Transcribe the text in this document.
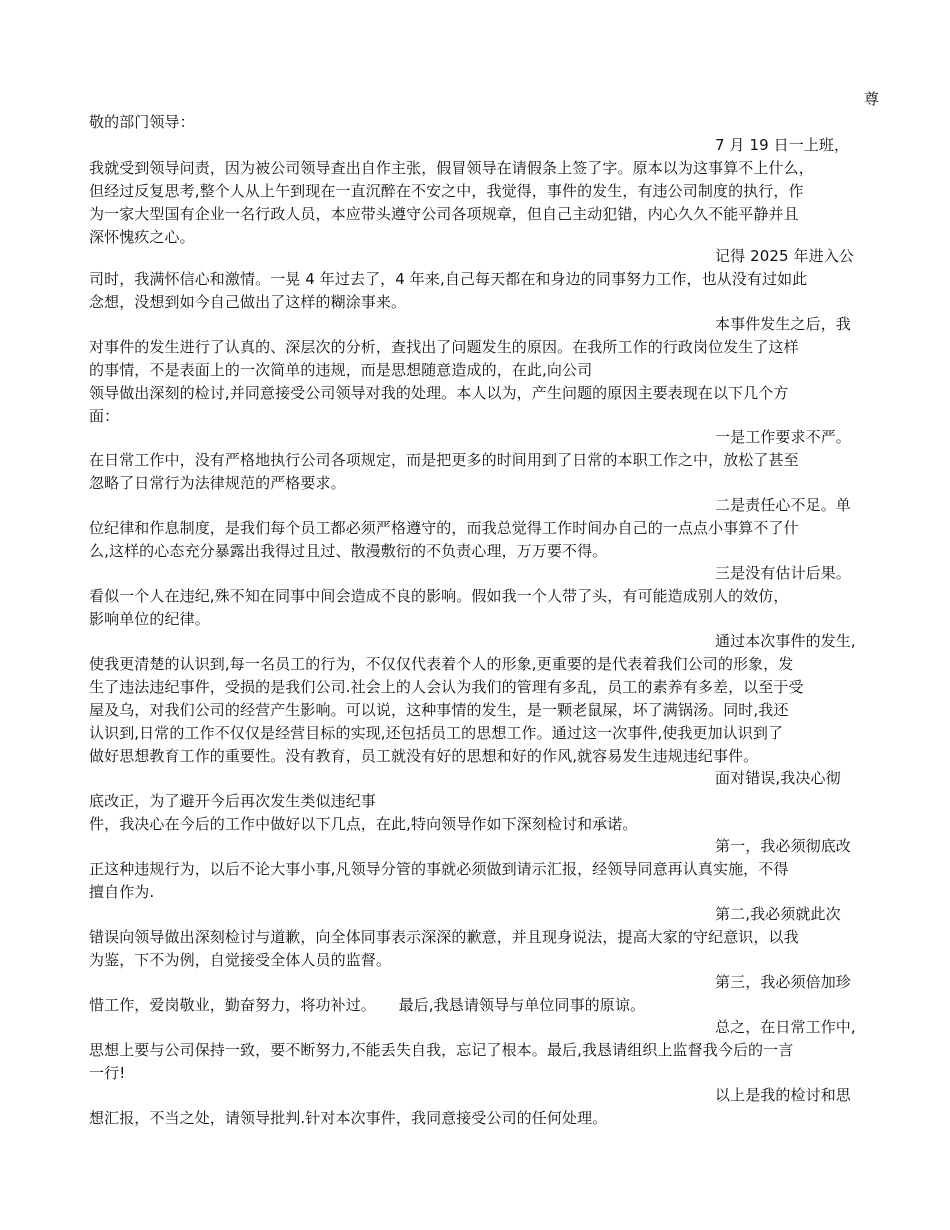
尊
敬的部门领导：
7 月 19 日一上班，
我就受到领导问责，因为被公司领导查出自作主张，假冒领导在请假条上签了字。原本以为这事算不上什么，
但经过反复思考,整个人从上午到现在一直沉醉在不安之中，我觉得，事件的发生，有违公司制度的执行，作
为一家大型国有企业一名行政人员，本应带头遵守公司各项规章，但自己主动犯错，内心久久不能平静并且
深怀愧疚之心。
记得 2025 年进入公
司时，我满怀信心和激情。一晃 4 年过去了，4 年来,自己每天都在和身边的同事努力工作，也从没有过如此
念想，没想到如今自己做出了这样的糊涂事来。
本事件发生之后，我
对事件的发生进行了认真的、深层次的分析，查找出了问题发生的原因。在我所工作的行政岗位发生了这样
的事情，不是表面上的一次简单的违规，而是思想随意造成的，在此,向公司
领导做出深刻的检讨,并同意接受公司领导对我的处理。本人以为，产生问题的原因主要表现在以下几个方
面：
一是工作要求不严。
在日常工作中，没有严格地执行公司各项规定，而是把更多的时间用到了日常的本职工作之中，放松了甚至
忽略了日常行为法律规范的严格要求。
二是责任心不足。单
位纪律和作息制度，是我们每个员工都必须严格遵守的，而我总觉得工作时间办自己的一点点小事算不了什
么,这样的心态充分暴露出我得过且过、散漫敷衍的不负责心理，万万要不得。
三是没有估计后果。
看似一个人在违纪,殊不知在同事中间会造成不良的影响。假如我一个人带了头，有可能造成别人的效仿，
影响单位的纪律。
通过本次事件的发生,
使我更清楚的认识到,每一名员工的行为，不仅仅代表着个人的形象,更重要的是代表着我们公司的形象，发
生了违法违纪事件，受损的是我们公司.社会上的人会认为我们的管理有多乱，员工的素养有多差，以至于受
屋及乌，对我们公司的经营产生影响。可以说，这种事情的发生，是一颗老鼠屎，坏了满锅汤。同时,我还
认识到,日常的工作不仅仅是经营目标的实现,还包括员工的思想工作。通过这一次事件,使我更加认识到了
做好思想教育工作的重要性。没有教育，员工就没有好的思想和好的作风,就容易发生违规违纪事件。
面对错误,我决心彻
底改正，为了避开今后再次发生类似违纪事
件，我决心在今后的工作中做好以下几点，在此,特向领导作如下深刻检讨和承诺。
第一，我必须彻底改
正这种违规行为，以后不论大事小事,凡领导分管的事就必须做到请示汇报，经领导同意再认真实施，不得
擅自作为.
第二,我必须就此次
错误向领导做出深刻检讨与道歉，向全体同事表示深深的歉意，并且现身说法，提高大家的守纪意识，以我
为鉴，下不为例，自觉接受全体人员的监督。
第三，我必须倍加珍
惜工作，爱岗敬业，勤奋努力，将功补过。　　最后,我恳请领导与单位同事的原谅。
总之，在日常工作中,
思想上要与公司保持一致，要不断努力,不能丢失自我，忘记了根本。最后,我恳请组织上监督我今后的一言
一行!
以上是我的检讨和思
想汇报，不当之处，请领导批判.针对本次事件，我同意接受公司的任何处理。
